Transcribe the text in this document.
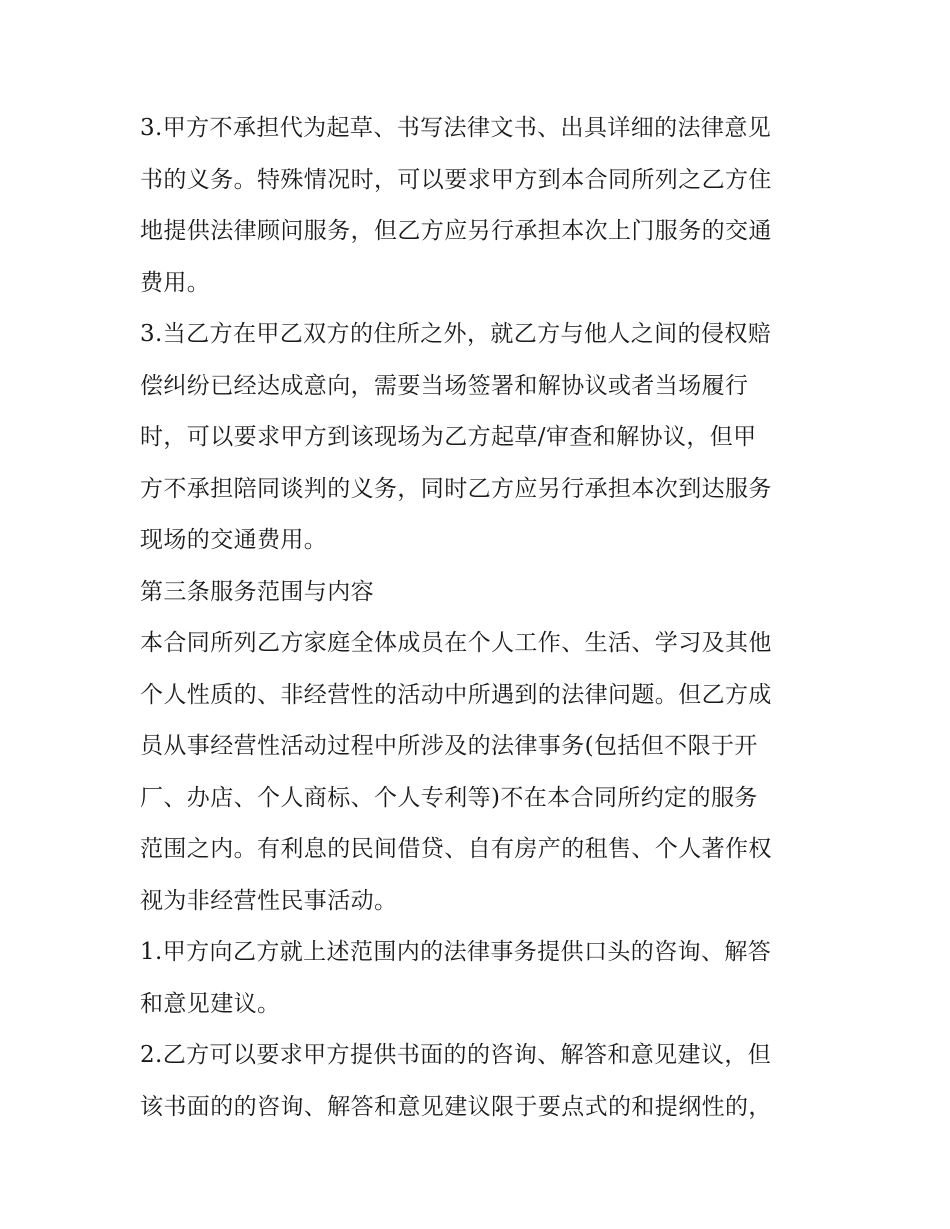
3.甲方不承担代为起草、书写法律文书、出具详细的法律意见
书的义务。特殊情况时，可以要求甲方到本合同所列之乙方住
地提供法律顾问服务，但乙方应另行承担本次上门服务的交通
费用。

3.当乙方在甲乙双方的住所之外，就乙方与他人之间的侵权赔
偿纠纷已经达成意向，需要当场签署和解协议或者当场履行
时，可以要求甲方到该现场为乙方起草/审查和解协议，但甲
方不承担陪同谈判的义务，同时乙方应另行承担本次到达服务
现场的交通费用。

第三条服务范围与内容

本合同所列乙方家庭全体成员在个人工作、生活、学习及其他
个人性质的、非经营性的活动中所遇到的法律问题。但乙方成
员从事经营性活动过程中所涉及的法律事务(包括但不限于开
厂、办店、个人商标、个人专利等)不在本合同所约定的服务
范围之内。有利息的民间借贷、自有房产的租售、个人著作权
视为非经营性民事活动。

1.甲方向乙方就上述范围内的法律事务提供口头的咨询、解答
和意见建议。

2.乙方可以要求甲方提供书面的的咨询、解答和意见建议，但
该书面的的咨询、解答和意见建议限于要点式的和提纲性的，
